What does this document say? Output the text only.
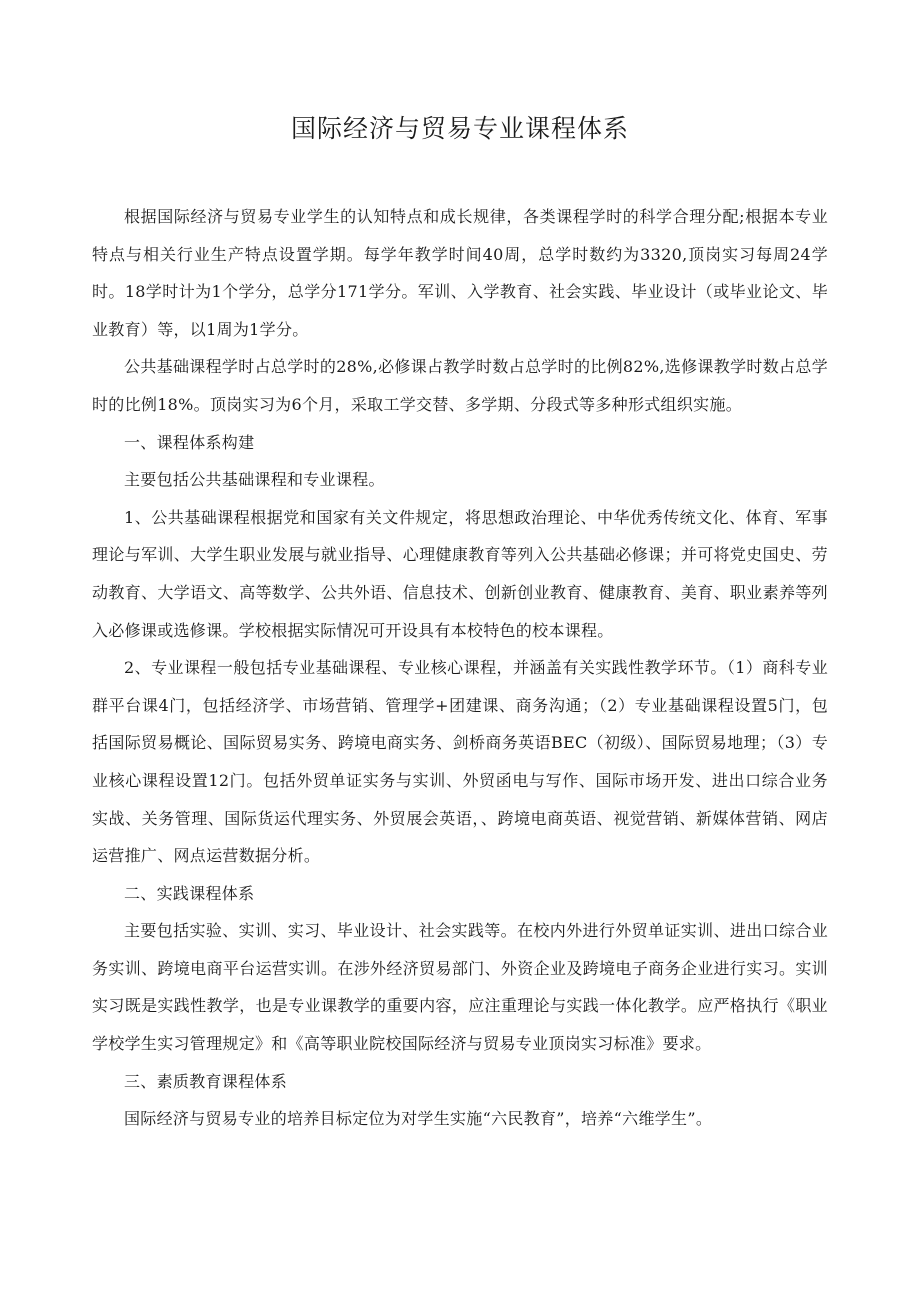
国际经济与贸易专业课程体系

根据国际经济与贸易专业学生的认知特点和成长规律，各类课程学时的科学合理分配;根据本专业特点与相关行业生产特点设置学期。每学年教学时间40周，总学时数约为3320,顶岗实习每周24学时。18学时计为1个学分，总学分171学分。军训、入学教育、社会实践、毕业设计（或毕业论文、毕业教育）等，以1周为1学分。

公共基础课程学时占总学时的28%,必修课占教学时数占总学时的比例82%,选修课教学时数占总学时的比例18%。顶岗实习为6个月，采取工学交替、多学期、分段式等多种形式组织实施。

一、课程体系构建

主要包括公共基础课程和专业课程。

1、公共基础课程根据党和国家有关文件规定，将思想政治理论、中华优秀传统文化、体育、军事理论与军训、大学生职业发展与就业指导、心理健康教育等列入公共基础必修课；并可将党史国史、劳动教育、大学语文、高等数学、公共外语、信息技术、创新创业教育、健康教育、美育、职业素养等列入必修课或选修课。学校根据实际情况可开设具有本校特色的校本课程。

2、专业课程一般包括专业基础课程、专业核心课程，并涵盖有关实践性教学环节。（1）商科专业群平台课4门，包括经济学、市场营销、管理学+团建课、商务沟通；（2）专业基础课程设置5门，包括国际贸易概论、国际贸易实务、跨境电商实务、剑桥商务英语BEC（初级）、国际贸易地理；（3）专业核心课程设置12门。包括外贸单证实务与实训、外贸函电与写作、国际市场开发、进出口综合业务实战、关务管理、国际货运代理实务、外贸展会英语，、跨境电商英语、视觉营销、新媒体营销、网店运营推广、网点运营数据分析。

二、实践课程体系

主要包括实验、实训、实习、毕业设计、社会实践等。在校内外进行外贸单证实训、进出口综合业务实训、跨境电商平台运营实训。在涉外经济贸易部门、外资企业及跨境电子商务企业进行实习。实训实习既是实践性教学，也是专业课教学的重要内容，应注重理论与实践一体化教学。应严格执行《职业学校学生实习管理规定》和《高等职业院校国际经济与贸易专业顶岗实习标准》要求。

三、素质教育课程体系

国际经济与贸易专业的培养目标定位为对学生实施“六民教育”，培养“六维学生”。
